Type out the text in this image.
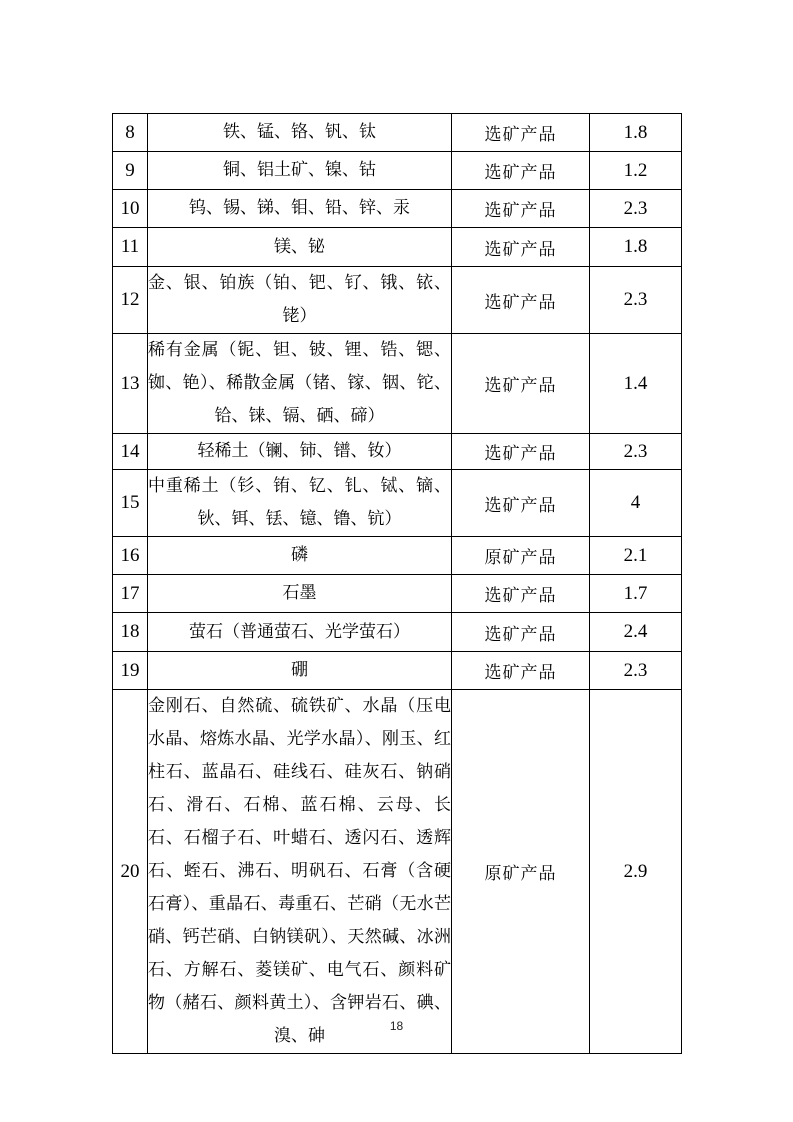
8	铁、锰、铬、钒、钛	选矿产品	1.8
9	铜、铝土矿、镍、钴	选矿产品	1.2
10	钨、锡、锑、钼、铅、锌、汞	选矿产品	2.3
11	镁、铋	选矿产品	1.8
12	金、银、铂族（铂、钯、钌、锇、铱、铑）	选矿产品	2.3
13	稀有金属（铌、钽、铍、锂、锆、锶、铷、铯）、稀散金属（锗、镓、铟、铊、铪、铼、镉、硒、碲）	选矿产品	1.4
14	轻稀土（镧、铈、镨、钕）	选矿产品	2.3
15	中重稀土（钐、铕、钇、钆、铽、镝、钬、铒、铥、镱、镥、钪）	选矿产品	4
16	磷	原矿产品	2.1
17	石墨	选矿产品	1.7
18	萤石（普通萤石、光学萤石）	选矿产品	2.4
19	硼	选矿产品	2.3
20	金刚石、自然硫、硫铁矿、水晶（压电水晶、熔炼水晶、光学水晶）、刚玉、红柱石、蓝晶石、硅线石、硅灰石、钠硝石、滑石、石棉、蓝石棉、云母、长石、石榴子石、叶蜡石、透闪石、透辉石、蛭石、沸石、明矾石、石膏（含硬石膏）、重晶石、毒重石、芒硝（无水芒硝、钙芒硝、白钠镁矾）、天然碱、冰洲石、方解石、菱镁矿、电气石、颜料矿物（赭石、颜料黄土）、含钾岩石、碘、溴、砷	原矿产品	2.9
18
